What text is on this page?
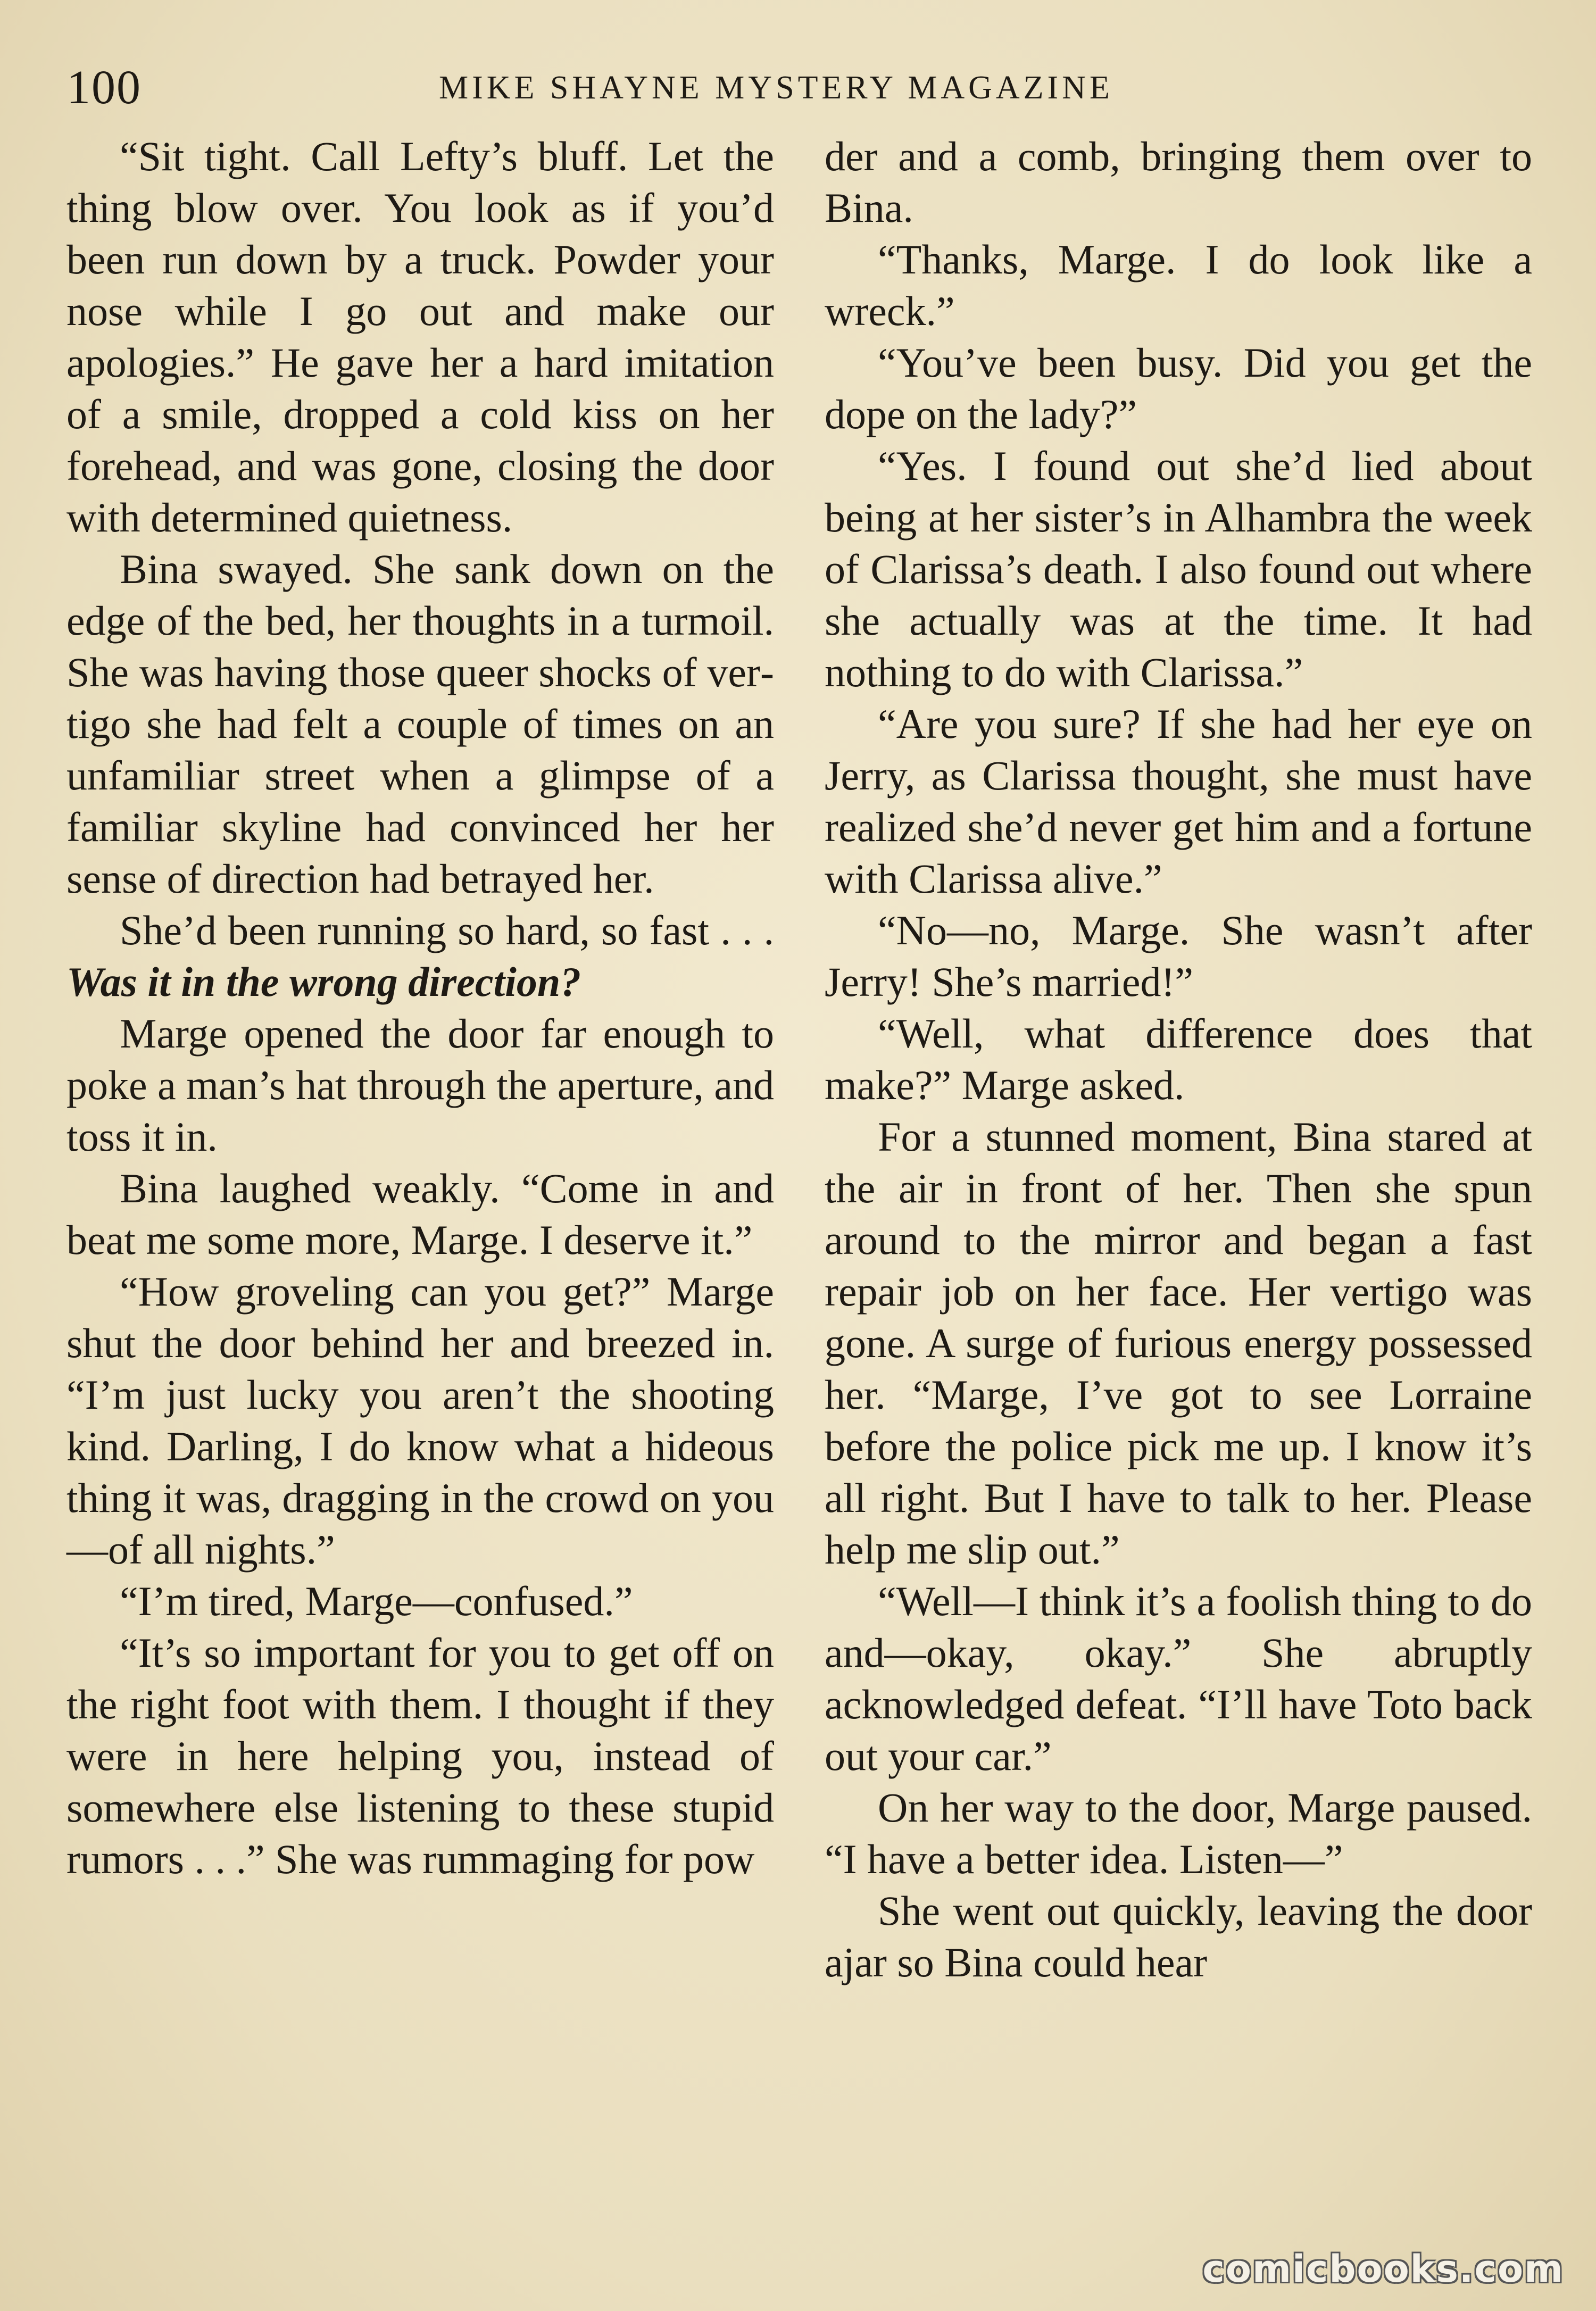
100	MIKE SHAYNE MYSTERY MAGAZINE

“Sit tight. Call Lefty’s bluff. Let the thing blow over. You look as if you’d been run down by a truck. Powder your nose while I go out and make our apologies.” He gave her a hard imitation of a smile, dropped a cold kiss on her forehead, and was gone, closing the door with determined quietness.

Bina swayed. She sank down on the edge of the bed, her thoughts in a turmoil. She was having those queer shocks of vertigo she had felt a couple of times on an unfamiliar street when a glimpse of a familiar skyline had convinced her her sense of direction had betrayed her.

She’d been running so hard, so fast . . . Was it in the wrong direction?

Marge opened the door far enough to poke a man’s hat through the aperture, and toss it in.

Bina laughed weakly. “Come in and beat me some more, Marge. I deserve it.”

“How groveling can you get?” Marge shut the door behind her and breezed in. “I’m just lucky you aren’t the shooting kind. Darling, I do know what a hideous thing it was, dragging in the crowd on you—of all nights.”

“I’m tired, Marge—confused.”

“It’s so important for you to get off on the right foot with them. I thought if they were in here helping you, instead of somewhere else listening to these stupid rumors . . .” She was rummaging for pow

der and a comb, bringing them over to Bina.

“Thanks, Marge. I do look like a wreck.”

“You’ve been busy. Did you get the dope on the lady?”

“Yes. I found out she’d lied about being at her sister’s in Alhambra the week of Clarissa’s death. I also found out where she actually was at the time. It had nothing to do with Clarissa.”

“Are you sure? If she had her eye on Jerry, as Clarissa thought, she must have realized she’d never get him and a fortune with Clarissa alive.”

“No—no, Marge. She wasn’t after Jerry! She’s married!”

“Well, what difference does that make?” Marge asked.

For a stunned moment, Bina stared at the air in front of her. Then she spun around to the mirror and began a fast repair job on her face. Her vertigo was gone. A surge of furious energy possessed her. “Marge, I’ve got to see Lorraine before the police pick me up. I know it’s all right. But I have to talk to her. Please help me slip out.”

“Well—I think it’s a foolish thing to do and—okay, okay.” She abruptly acknowledged defeat. “I’ll have Toto back out your car.”

On her way to the door, Marge paused. “I have a better idea. Listen—”

She went out quickly, leaving the door ajar so Bina could hear

comicbooks.com
